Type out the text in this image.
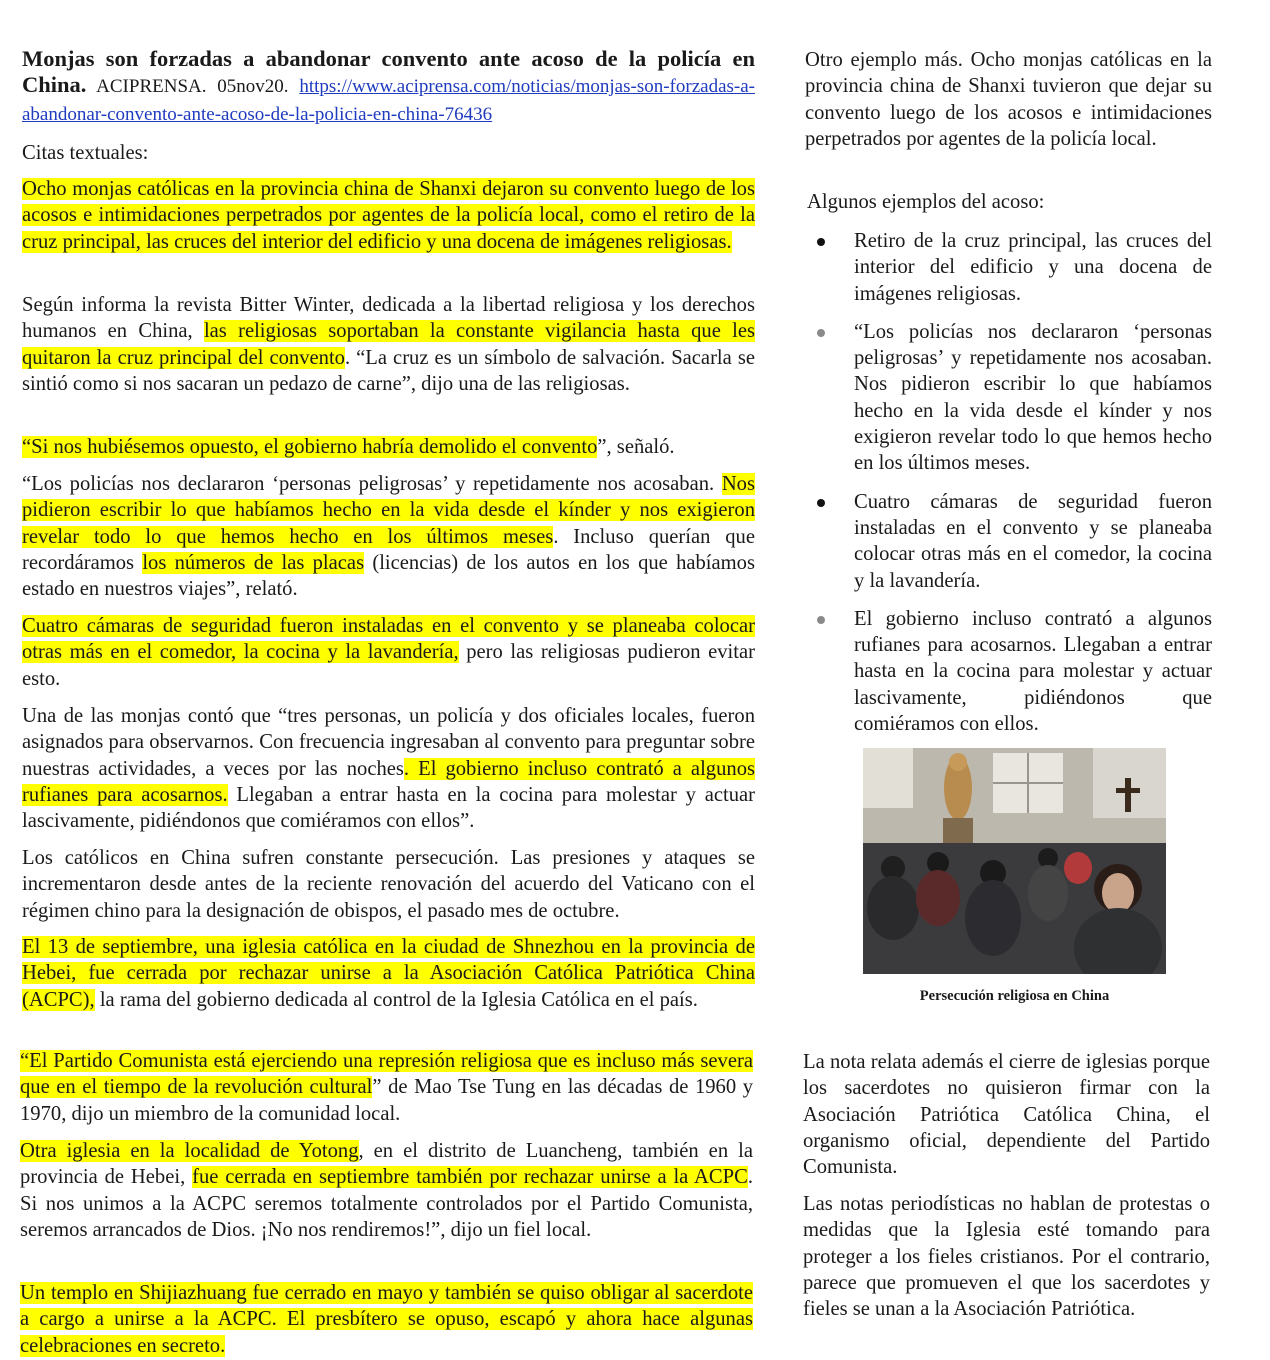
Monjas son forzadas a abandonar convento ante acoso de la policía en China. ACIPRENSA. 05nov20. https://www.aciprensa.com/noticias/monjas-son-forzadas-a-abandonar-convento-ante-acoso-de-la-policia-en-china-76436

Citas textuales:

Ocho monjas católicas en la provincia china de Shanxi dejaron su convento luego de los acosos e intimidaciones perpetrados por agentes de la policía local, como el retiro de la cruz principal, las cruces del interior del edificio y una docena de imágenes religiosas.

Según informa la revista Bitter Winter, dedicada a la libertad religiosa y los derechos humanos en China, las religiosas soportaban la constante vigilancia hasta que les quitaron la cruz principal del convento. “La cruz es un símbolo de salvación. Sacarla se sintió como si nos sacaran un pedazo de carne”, dijo una de las religiosas.

“Si nos hubiésemos opuesto, el gobierno habría demolido el convento”, señaló.

“Los policías nos declararon ‘personas peligrosas’ y repetidamente nos acosaban. Nos pidieron escribir lo que habíamos hecho en la vida desde el kínder y nos exigieron revelar todo lo que hemos hecho en los últimos meses. Incluso querían que recordáramos los números de las placas (licencias) de los autos en los que habíamos estado en nuestros viajes”, relató.

Cuatro cámaras de seguridad fueron instaladas en el convento y se planeaba colocar otras más en el comedor, la cocina y la lavandería, pero las religiosas pudieron evitar esto.

Una de las monjas contó que “tres personas, un policía y dos oficiales locales, fueron asignados para observarnos. Con frecuencia ingresaban al convento para preguntar sobre nuestras actividades, a veces por las noches. El gobierno incluso contrató a algunos rufianes para acosarnos. Llegaban a entrar hasta en la cocina para molestar y actuar lascivamente, pidiéndonos que comiéramos con ellos”.

Los católicos en China sufren constante persecución. Las presiones y ataques se incrementaron desde antes de la reciente renovación del acuerdo del Vaticano con el régimen chino para la designación de obispos, el pasado mes de octubre.

El 13 de septiembre, una iglesia católica en la ciudad de Shnezhou en la provincia de Hebei, fue cerrada por rechazar unirse a la Asociación Católica Patriótica China (ACPC), la rama del gobierno dedicada al control de la Iglesia Católica en el país.

“El Partido Comunista está ejerciendo una represión religiosa que es incluso más severa que en el tiempo de la revolución cultural” de Mao Tse Tung en las décadas de 1960 y 1970, dijo un miembro de la comunidad local.

Otra iglesia en la localidad de Yotong, en el distrito de Luancheng, también en la provincia de Hebei, fue cerrada en septiembre también por rechazar unirse a la ACPC. Si nos unimos a la ACPC seremos totalmente controlados por el Partido Comunista, seremos arrancados de Dios. ¡No nos rendiremos!”, dijo un fiel local.

Un templo en Shijiazhuang fue cerrado en mayo y también se quiso obligar al sacerdote a cargo a unirse a la ACPC. El presbítero se opuso, escapó y ahora hace algunas celebraciones en secreto.

Otro ejemplo más. Ocho monjas católicas en la provincia china de Shanxi tuvieron que dejar su convento luego de los acosos e intimidaciones perpetrados por agentes de la policía local.

Algunos ejemplos del acoso:

Retiro de la cruz principal, las cruces del interior del edificio y una docena de imágenes religiosas.
“Los policías nos declararon ‘personas peligrosas’ y repetidamente nos acosaban. Nos pidieron escribir lo que habíamos hecho en la vida desde el kínder y nos exigieron revelar todo lo que hemos hecho en los últimos meses.
Cuatro cámaras de seguridad fueron instaladas en el convento y se planeaba colocar otras más en el comedor, la cocina y la lavandería.
El gobierno incluso contrató a algunos rufianes para acosarnos. Llegaban a entrar hasta en la cocina para molestar y actuar lascivamente, pidiéndonos que comiéramos con ellos.

Persecución religiosa en China

La nota relata además el cierre de iglesias porque los sacerdotes no quisieron firmar con la Asociación Patriótica Católica China, el organismo oficial, dependiente del Partido Comunista.

Las notas periodísticas no hablan de protestas o medidas que la Iglesia esté tomando para proteger a los fieles cristianos. Por el contrario, parece que promueven el que los sacerdotes y fieles se unan a la Asociación Patriótica.
